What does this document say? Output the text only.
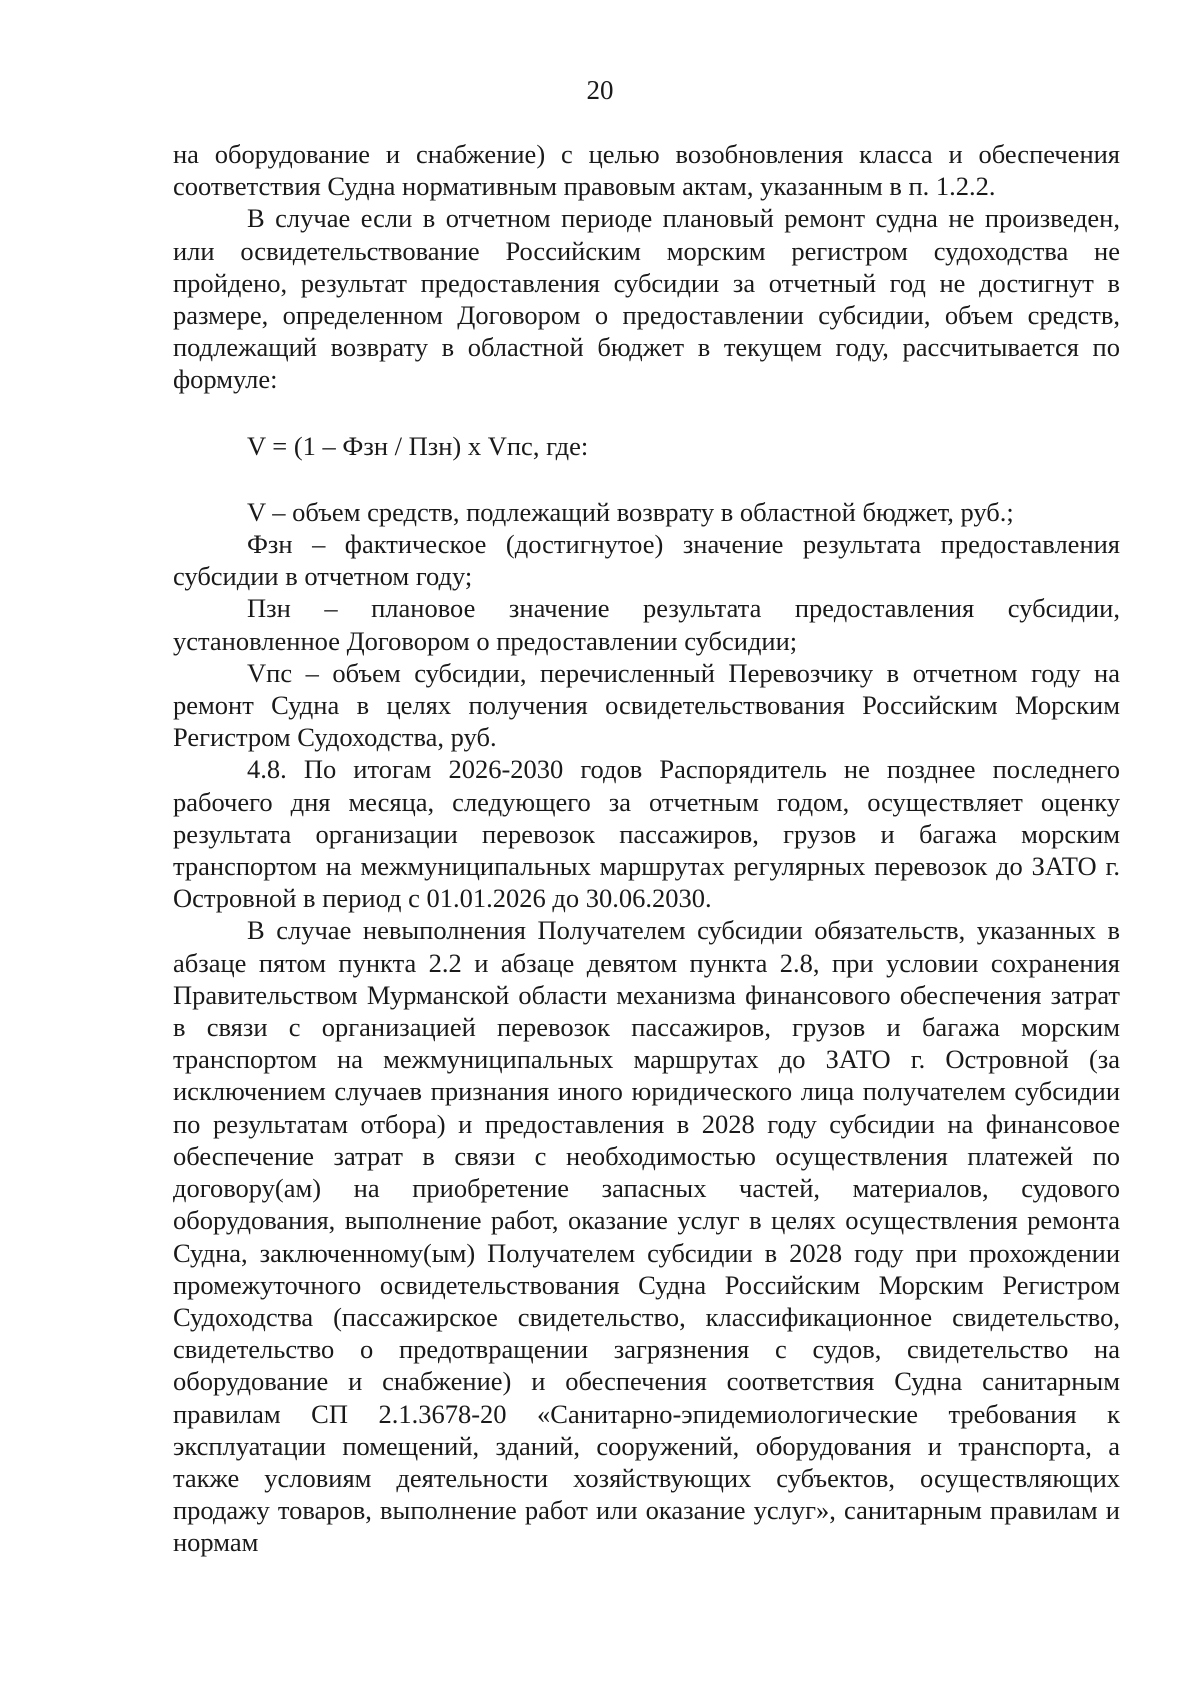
20

на оборудование и снабжение) с целью возобновления класса и обеспечения соответствия Судна нормативным правовым актам, указанным в п. 1.2.2.

В случае если в отчетном периоде плановый ремонт судна не произведен, или освидетельствование Российским морским регистром судоходства не пройдено, результат предоставления субсидии за отчетный год не достигнут в размере, определенном Договором о предоставлении субсидии, объем средств, подлежащий возврату в областной бюджет в текущем году, рассчитывается по формуле:

V = (1 – Фзн / Пзн) х Vпс, где:

V – объем средств, подлежащий возврату в областной бюджет, руб.;

Фзн – фактическое (достигнутое) значение результата предоставления субсидии в отчетном году;

Пзн – плановое значение результата предоставления субсидии, установленное Договором о предоставлении субсидии;

Vпс – объем субсидии, перечисленный Перевозчику в отчетном году на ремонт Судна в целях получения освидетельствования Российским Морским Регистром Судоходства, руб.

4.8. По итогам 2026-2030 годов Распорядитель не позднее последнего рабочего дня месяца, следующего за отчетным годом, осуществляет оценку результата организации перевозок пассажиров, грузов и багажа морским транспортом на межмуниципальных маршрутах регулярных перевозок до ЗАТО г. Островной в период с 01.01.2026 до 30.06.2030.

В случае невыполнения Получателем субсидии обязательств, указанных в абзаце пятом пункта 2.2 и абзаце девятом пункта 2.8, при условии сохранения Правительством Мурманской области механизма финансового обеспечения затрат в связи с организацией перевозок пассажиров, грузов и багажа морским транспортом на межмуниципальных маршрутах до ЗАТО г. Островной (за исключением случаев признания иного юридического лица получателем субсидии по результатам отбора) и предоставления в 2028 году субсидии на финансовое обеспечение затрат в связи с необходимостью осуществления платежей по договору(ам) на приобретение запасных частей, материалов, судового оборудования, выполнение работ, оказание услуг в целях осуществления ремонта Судна, заключенному(ым) Получателем субсидии в 2028 году при прохождении промежуточного освидетельствования Судна Российским Морским Регистром Судоходства (пассажирское свидетельство, классификационное свидетельство, свидетельство о предотвращении загрязнения с судов, свидетельство на оборудование и снабжение) и обеспечения соответствия Судна санитарным правилам СП 2.1.3678-20 «Санитарно-эпидемиологические требования к эксплуатации помещений, зданий, сооружений, оборудования и транспорта, а также условиям деятельности хозяйствующих субъектов, осуществляющих продажу товаров, выполнение работ или оказание услуг», санитарным правилам и нормам
